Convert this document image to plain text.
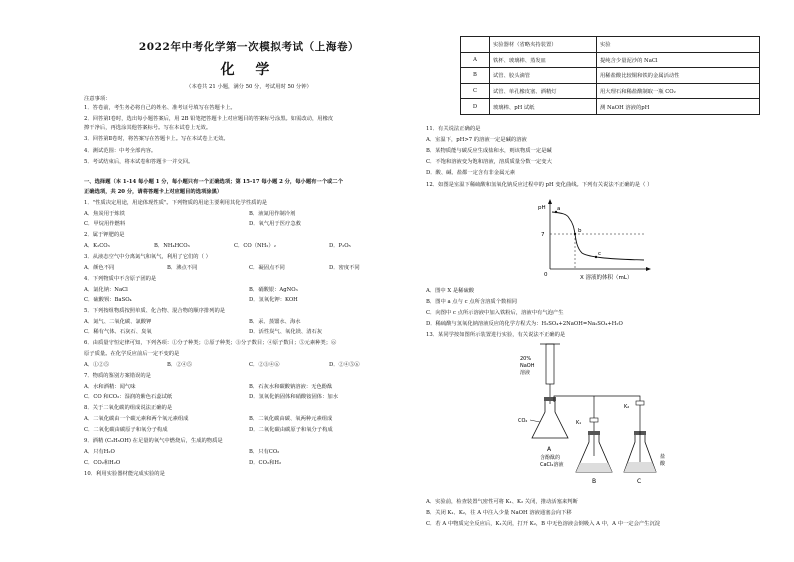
2022年中考化学第一次模拟考试（上海卷）
化 学
（本卷共 21 小题，满分 50 分，考试用时 50 分钟）
注意事项：
1．答卷前，考生务必将自己的姓名、准考证号填写在答题卡上。
2．回答第Ⅰ卷时，选出每小题答案后，用 2B 铅笔把答题卡上对应题目的答案标号涂黑。如需改动，用橡皮
擦干净后，再选涂其他答案标号。写在本试卷上无效。
3．回答第Ⅱ卷时，将答案写在答题卡上。写在本试卷上无效。
4．测试范围：中考全部内容。
5．考试结束后，将本试卷和答题卡一并交回。
一、选择题（本 1-14 每小题 1 分，每小题只有一个正确选项；第 15-17 每小题 2 分，每小题有一个或二个
正确选项，共 20 分，请将答题卡上对应题目的选项涂黑）
1．"性质决定用途，用途体现性质"。下列物质的用途主要利用其化学性质的是
A．焦炭用于炼铁	B．液氮用作制冷剂
C．甲烷用作燃料	D．氧气用于医疗急救
2．属于钾肥的是
A．K₂CO₃	B．NH₄HCO₃	C．CO（NH₂）₂	D．P₂O₅
3．从液态空气中分离氮气和氧气，利用了它们的（ ）
A．颜色不同	B．沸点不同	C．凝固点不同	D．密度不同
4．下列物质中不含原子团的是
A．氯化钠：NaCl	B．硝酸银：AgNO₃
C．硫酸钡：BaSO₄	D．氢氧化钾：KOH
5．下列按组物质按照单质、化合物、混合物的顺序排列的是
A．氮气、二氧化碳、氯酸钾	B．汞、蒸馏水、海水
C．稀有气体、石灰石、臭氧	D．活性炭气、氧化镁、清石灰
6．由质量守恒定律可知，下列各项：①分子种类；②原子种类；③分子数目；④原子数目；⑤元素种类；⑥
原子质量。在化学反应前后一定不变的是
A．①②⑤	B．②④⑤	C．②③④⑥	D．②④⑤⑥
7．物质的鉴别方案错误的是
A．水和酒精：闻气味	B．石灰水和碳酸钠溶液：无色酚酞
C．CO 和CO₂：湿润的紫色石蕊试纸	D．氢氧化钠固体和硝酸铵固体：加水
8．关于二氧化碳的组成说法正确的是
A．二氧化碳由一个碳元素和两个氧元素组成	B．二氧化碳由碳、氧两种元素组成
C．二氧化碳由碳原子和氧分子构成	D．二氧化碳由碳原子和氧分子构成
9．酒精 (C₂H₅OH) 在足量的氧气中燃烧后，生成的物质是
A．只有H₂O	B．只有CO₂
C．CO₂和H₂O	D．CO₂和H₂
10．利用实验器材能完成实验的是
	实验器材（省略夹持装置）	实验
A	铁杯、玻璃棒、蒸发皿	提纯含少量泥沙的 NaCl
B	试管、胶头滴管	用稀盐酸比较铜和铁的金属活动性
C	试管、单孔橡皮塞、酒精灯	用大理石和稀盐酸制取一瓶 CO₂
D	玻璃棒、pH 试纸	测 NaOH 溶液的pH
11．有关说法正确的是
A．室温下，pH>7 的溶液一定是碱的溶液
B．某物质能与碳反应生成盐和水，则该物质一定是碱
C．不饱和溶液变为饱和溶液，溶质质量分数一定变大
D．酸、碱、盐都一定含有非金属元素
12．如图是室温下稀硫酸和氢氧化钠反应过程中的 pH 变化曲线。下列有关说法不正确的是（ ）
A．图中 X 是稀硫酸
B．图中 a 点与 c 点所含溶质个数相同
C．向图中 c 点所示溶液中加入铁粉后，溶液中有气泡产生
D．稀硫酸与氢氧化钠溶液反应的化学方程式为：H₂SO₄+2NaOH=Na₂SO₄+H₂O
13．某同学按如图所示装置进行实验，有关说法不正确的是
A．实验前，检查装置气密性可将 K₁、K₂ 关闭，推动活塞来判断
B．关闭 K₁、K₂，往 A 中注入少量 NaOH 溶液通塞会向下移
C．若 A 中物质完全反应后，K₁关闭，打开 K₂，B 中无色溶液会倒吸入 A 中，A 中一定会产生沉淀
pH
7
0
a
b
c
X 溶液的体积（mL）
20%
NaOH
溶液
CO₂
A
K₁
K₂
含酚酞的
CaCl₂溶液
B
盐
酸
C
